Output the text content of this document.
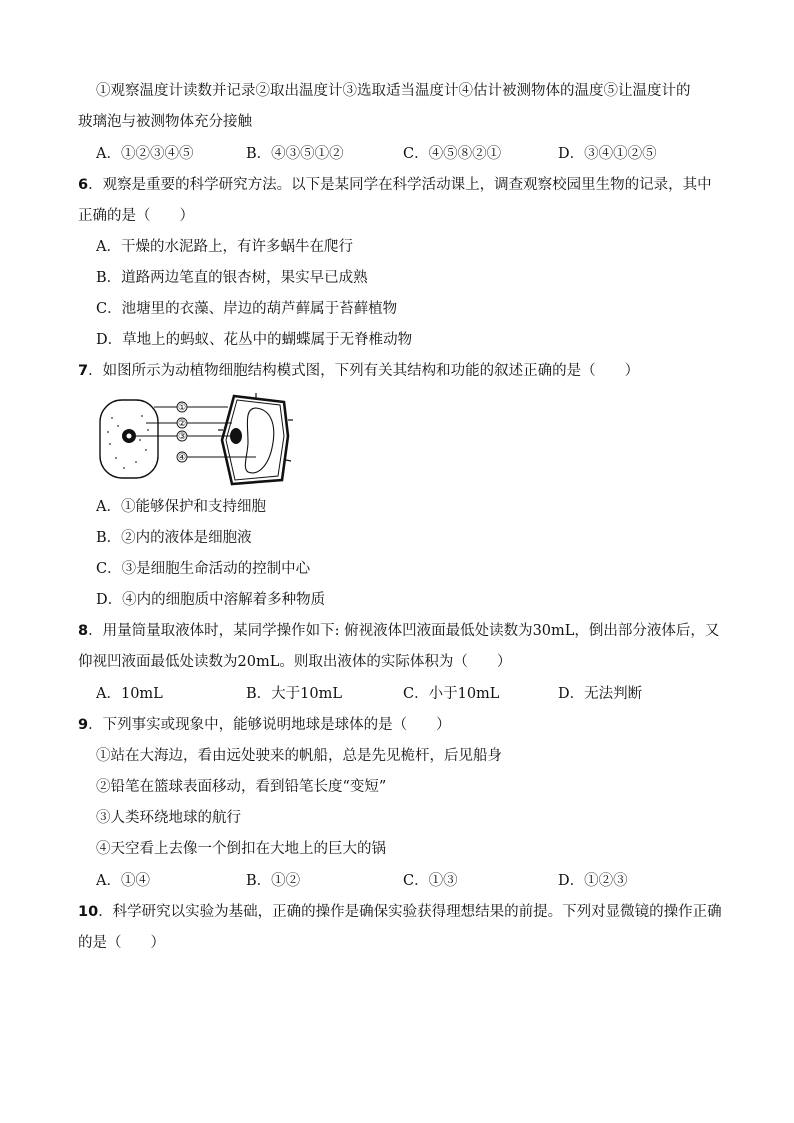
①观察温度计读数并记录②取出温度计③选取适当温度计④估计被测物体的温度⑤让温度计的
玻璃泡与被测物体充分接触
A．①②③④⑤	B．④③⑤①②	C．④⑤⑧②①	D．③④①②⑤
6．观察是重要的科学研究方法。以下是某同学在科学活动课上，调查观察校园里生物的记录，其中
正确的是（　　）
A．干燥的水泥路上，有许多蜗牛在爬行
B．道路两边笔直的银杏树，果实早已成熟
C．池塘里的衣藻、岸边的葫芦藓属于苔藓植物
D．草地上的蚂蚁、花丛中的蝴蝶属于无脊椎动物
7．如图所示为动植物细胞结构模式图，下列有关其结构和功能的叙述正确的是（　　）
①
②
③
④
A．①能够保护和支持细胞
B．②内的液体是细胞液
C．③是细胞生命活动的控制中心
D．④内的细胞质中溶解着多种物质
8．用量筒量取液体时，某同学操作如下: 俯视液体凹液面最低处读数为30mL，倒出部分液体后，又
仰视凹液面最低处读数为20mL。则取出液体的实际体积为（　　）
A．10mL	B．大于10mL	C．小于10mL	D．无法判断
9．下列事实或现象中，能够说明地球是球体的是（　　）
①站在大海边，看由远处驶来的帆船，总是先见桅杆，后见船身
②铅笔在篮球表面移动，看到铅笔长度“变短”
③人类环绕地球的航行
④天空看上去像一个倒扣在大地上的巨大的锅
A．①④	B．①②	C．①③	D．①②③
10．科学研究以实验为基础，正确的操作是确保实验获得理想结果的前提。下列对显微镜的操作正确
的是（　　）
